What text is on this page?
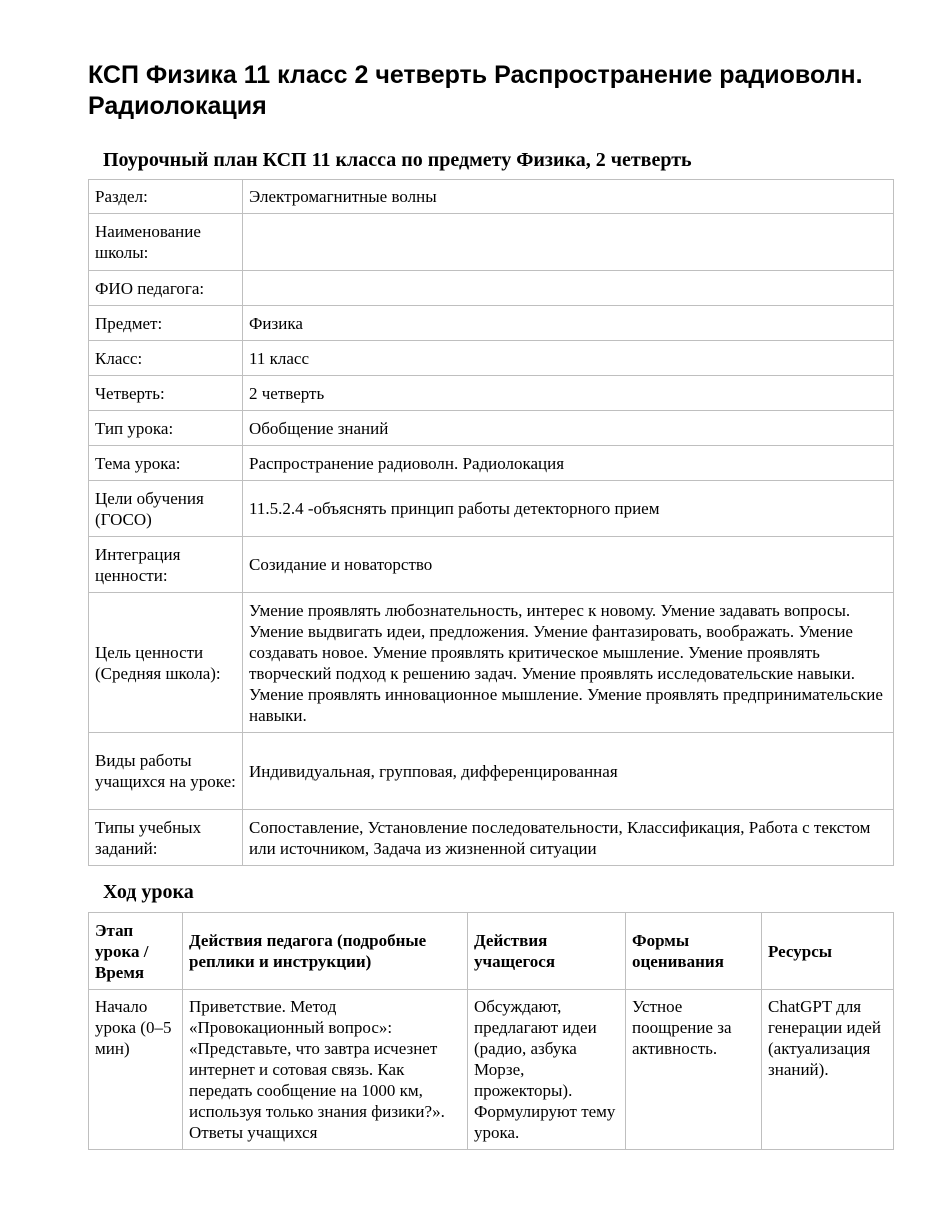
КСП Физика 11 класс 2 четверть Распространение радиоволн. Радиолокация
Поурочный план КСП 11 класса по предмету Физика, 2 четверть
Раздел:	Электромагнитные волны
Наименование школы:	
ФИО педагога:	
Предмет:	Физика
Класс:	11 класс
Четверть:	2 четверть
Тип урока:	Обобщение знаний
Тема урока:	Распространение радиоволн. Радиолокация
Цели обучения (ГОСО)	11.5.2.4 -объяснять принцип работы детекторного прием
Интеграция ценности:	Созидание и новаторство
Цель ценности (Средняя школа):	Умение проявлять любознательность, интерес к новому. Умение задавать вопросы. Умение выдвигать идеи, предложения. Умение фантазировать, воображать. Умение создавать новое. Умение проявлять критическое мышление. Умение проявлять творческий подход к решению задач. Умение проявлять исследовательские навыки. Умение проявлять инновационное мышление. Умение проявлять предпринимательские навыки.
Виды работы учащихся на уроке:	Индивидуальная, групповая, дифференцированная
Типы учебных заданий:	Сопоставление, Установление последовательности, Классификация, Работа с текстом или источником, Задача из жизненной ситуации
Ход урока
Этап урока / Время	Действия педагога (подробные реплики и инструкции)	Действия учащегося	Формы оценивания	Ресурсы
Начало урока (0–5 мин)	Приветствие. Метод «Провокационный вопрос»: «Представьте, что завтра исчезнет интернет и сотовая связь. Как передать сообщение на 1000 км, используя только знания физики?». Ответы учащихся	Обсуждают, предлагают идеи (радио, азбука Морзе, прожекторы). Формулируют тему урока.	Устное поощрение за активность.	ChatGPT для генерации идей (актуализация знаний).
